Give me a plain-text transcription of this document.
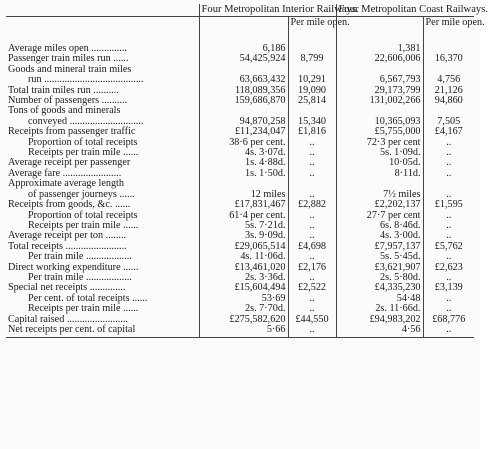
	Four Metropolitan Interior Railways.		Four Metropolitan Coast Railways.	
		Per mile open.		Per mile open.
Average miles open ..............	6,186		1,381	
Passenger train miles run ......	54,425,924	8,799	22,606,006	16,370
Goods and mineral train miles				
run .......................................	63,663,432	10,291	6,567,793	4,756
Total train miles run ..........	118,089,356	19,090	29,173,799	21,126
Number of passengers ..........	159,686,870	25,814	131,002,266	94,860
Tons of goods and minerals				
conveyed .............................	94,870,258	15,340	10,365,093	7,505
Receipts from passenger traffic	£11,234,047	£1,816	£5,755,000	£4,167
Proportion of total receipts	38·6 per cent.	..	72·3 per cent	..
Receipts per train mile ......	4s. 3·07d.	..	5s. 1·09d.	..
Average receipt per passenger	1s. 4·88d.	..	10·05d.	..
Average fare .......................	1s. 1·50d.	..	8·11d.	..
Approximate average length				
of passenger journeys ......	12 miles	..	7½ miles	..
Receipts from goods, &c. ......	£17,831,467	£2,882	£2,202,137	£1,595
Proportion of total receipts	61·4 per cent.	..	27·7 per cent	..
Receipts per train mile ......	5s. 7·21d.	..	6s. 8·46d.	..
Average receipt per ton ........	3s. 9·09d.	..	4s. 3·00d.	..
Total receipts ........................	£29,065,514	£4,698	£7,957,137	£5,762
Per train mile ..................	4s. 11·06d.	..	5s. 5·45d.	..
Direct working expenditure ......	£13,461,020	£2,176	£3,621,907	£2,623
Per train mile ..................	2s. 3·36d.	..	2s. 5·80d.	..
Special net receipts ..............	£15,604,494	£2,522	£4,335,230	£3,139
Per cent. of total receipts ......	53·69	..	54·48	..
Receipts per train mile ......	2s. 7·70d.	..	2s. 11·66d.	..
Capital raised ........................	£275,582,620	£44,550	£94,983,202	£68,776
Net receipts per cent. of capital	5·66	..	4·56	..
